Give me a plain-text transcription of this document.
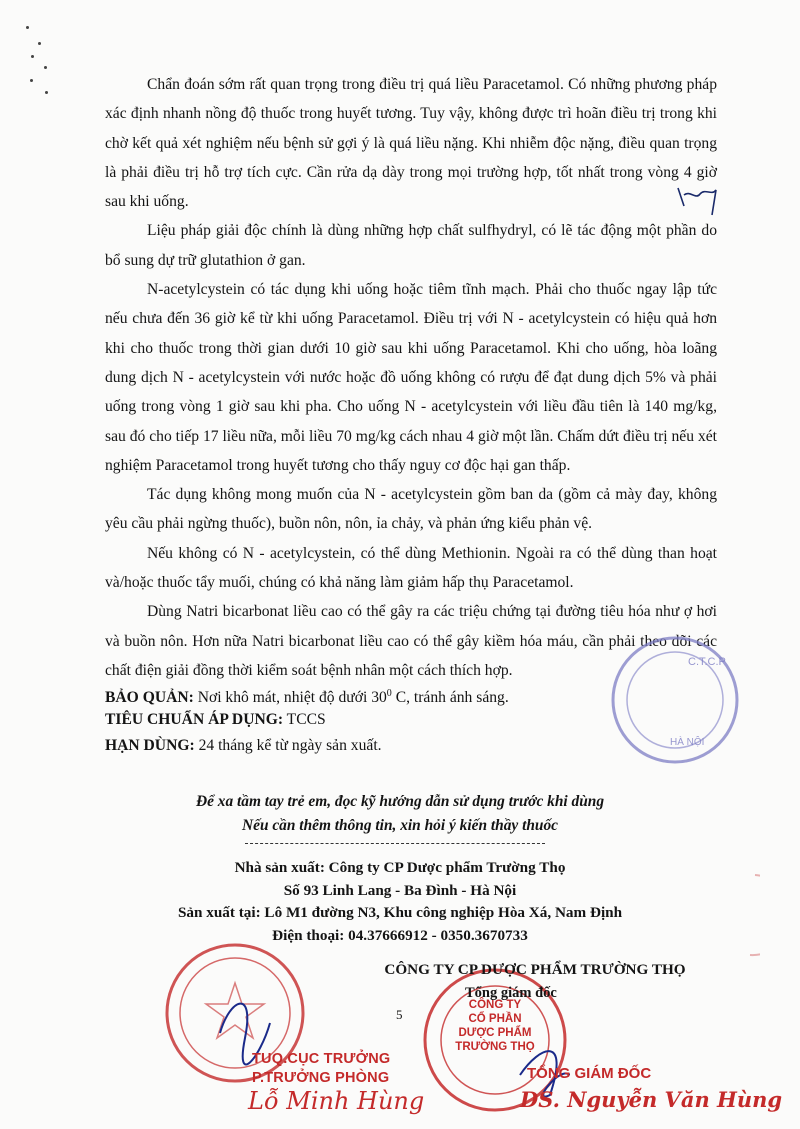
Chẩn đoán sớm rất quan trọng trong điều trị quá liều Paracetamol. Có những phương pháp xác định nhanh nồng độ thuốc trong huyết tương. Tuy vậy, không được trì hoãn điều trị trong khi chờ kết quả xét nghiệm nếu bệnh sử gợi ý là quá liều nặng. Khi nhiễm độc nặng, điều quan trọng là phải điều trị hỗ trợ tích cực. Cần rửa dạ dày trong mọi trường hợp, tốt nhất trong vòng 4 giờ sau khi uống.

Liệu pháp giải độc chính là dùng những hợp chất sulfhydryl, có lẽ tác động một phần do bổ sung dự trữ glutathion ở gan.

N-acetylcystein có tác dụng khi uống hoặc tiêm tĩnh mạch. Phải cho thuốc ngay lập tức nếu chưa đến 36 giờ kể từ khi uống Paracetamol. Điều trị với N - acetylcystein có hiệu quả hơn khi cho thuốc trong thời gian dưới 10 giờ sau khi uống Paracetamol. Khi cho uống, hòa loãng dung dịch N - acetylcystein với nước hoặc đồ uống không có rượu để đạt dung dịch 5% và phải uống trong vòng 1 giờ sau khi pha. Cho uống N - acetylcystein với liều đầu tiên là 140 mg/kg, sau đó cho tiếp 17 liều nữa, mỗi liều 70 mg/kg cách nhau 4 giờ một lần. Chấm dứt điều trị nếu xét nghiệm Paracetamol trong huyết tương cho thấy nguy cơ độc hại gan thấp.

Tác dụng không mong muốn của N - acetylcystein gồm ban da (gồm cả mày đay, không yêu cầu phải ngừng thuốc), buồn nôn, nôn, ỉa chảy, và phản ứng kiểu phản vệ.

Nếu không có N - acetylcystein, có thể dùng Methionin. Ngoài ra có thể dùng than hoạt và/hoặc thuốc tẩy muối, chúng có khả năng làm giảm hấp thụ Paracetamol.

Dùng Natri bicarbonat liều cao có thể gây ra các triệu chứng tại đường tiêu hóa như ợ hơi và buồn nôn. Hơn nữa Natri bicarbonat liều cao có thể gây kiềm hóa máu, cần phải theo dõi các chất điện giải đồng thời kiểm soát bệnh nhân một cách thích hợp.

BẢO QUẢN: Nơi khô mát, nhiệt độ dưới $30^0$ C, tránh ánh sáng.
TIÊU CHUẨN ÁP DỤNG: TCCS
HẠN DÙNG: 24 tháng kể từ ngày sản xuất.
Để xa tầm tay trẻ em, đọc kỹ hướng dẫn sử dụng trước khi dùng
Nếu cần thêm thông tin, xin hỏi ý kiến thầy thuốc
Nhà sản xuất: Công ty CP Dược phẩm Trường Thọ
Số 93 Linh Lang - Ba Đình - Hà Nội
Sản xuất tại: Lô M1 đường N3, Khu công nghiệp Hòa Xá, Nam Định
Điện thoại: 04.37666912 - 0350.3670733
C.T.C.P
HÀ NỘI
CÔNG TY
CỔ PHẦN
DƯỢC PHẨM
TRƯỜNG THỌ
CÔNG TY CP DƯỢC PHẨM TRƯỜNG THỌ
Tổng giám đốc
5
TUQ.CỤC TRƯỞNG
P.TRƯỞNG PHÒNG
Lỗ Minh Hùng
TỔNG GIÁM ĐỐC
DS. Nguyễn Văn Hùng
